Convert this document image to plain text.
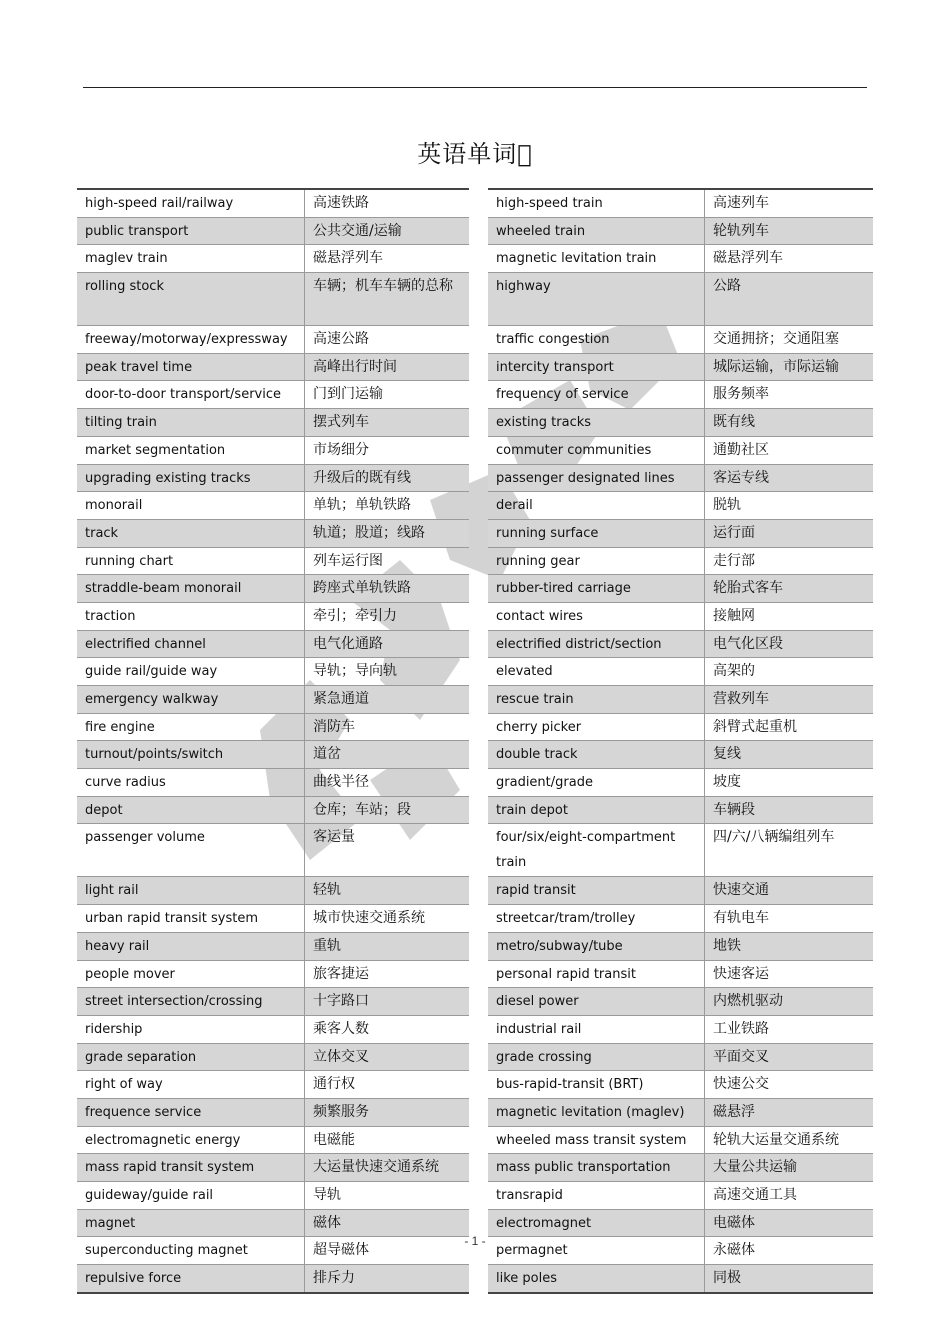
英语单词􀀀
high-speed rail/railway	高速铁路
public transport	公共交通/运输
maglev train	磁悬浮列车
rolling stock	车辆；机车车辆的总称
freeway/motorway/expressway	高速公路
peak travel time	高峰出行时间
door-to-door transport/service	门到门运输
tilting train	摆式列车
market segmentation	市场细分
upgrading existing tracks	升级后的既有线
monorail	单轨；单轨铁路
track	轨道；股道；线路
running chart	列车运行图
straddle-beam monorail	跨座式单轨铁路
traction	牵引；牵引力
electrified channel	电气化通路
guide rail/guide way	导轨；导向轨
emergency walkway	紧急通道
fire engine	消防车
turnout/points/switch	道岔
curve radius	曲线半径
depot	仓库；车站；段
passenger volume	客运量
light rail	轻轨
urban rapid transit system	城市快速交通系统
heavy rail	重轨
people mover	旅客捷运
street intersection/crossing	十字路口
ridership	乘客人数
grade separation	立体交叉
right of way	通行权
frequence service	频繁服务
electromagnetic energy	电磁能
mass rapid transit system	大运量快速交通系统
guideway/guide rail	导轨
magnet	磁体
superconducting magnet	超导磁体
repulsive force	排斥力
high-speed train	高速列车
wheeled train	轮轨列车
magnetic levitation train	磁悬浮列车
highway	公路
traffic congestion	交通拥挤；交通阻塞
intercity transport	城际运输，市际运输
frequency of service	服务频率
existing tracks	既有线
commuter communities	通勤社区
passenger designated lines	客运专线
derail	脱轨
running surface	运行面
running gear	走行部
rubber-tired carriage	轮胎式客车
contact wires	接触网
electrified district/section	电气化区段
elevated	高架的
rescue train	营救列车
cherry picker	斜臂式起重机
double track	复线
gradient/grade	坡度
train depot	车辆段
four/six/eight-compartment train	四/六/八辆编组列车
rapid transit	快速交通
streetcar/tram/trolley	有轨电车
metro/subway/tube	地铁
personal rapid transit	快速客运
diesel power	内燃机驱动
industrial rail	工业铁路
grade crossing	平面交叉
bus-rapid-transit (BRT)	快速公交
magnetic levitation (maglev)	磁悬浮
wheeled mass transit system	轮轨大运量交通系统
mass public transportation	大量公共运输
transrapid	高速交通工具
electromagnet	电磁体
permagnet	永磁体
like poles	同极
- 1 -
